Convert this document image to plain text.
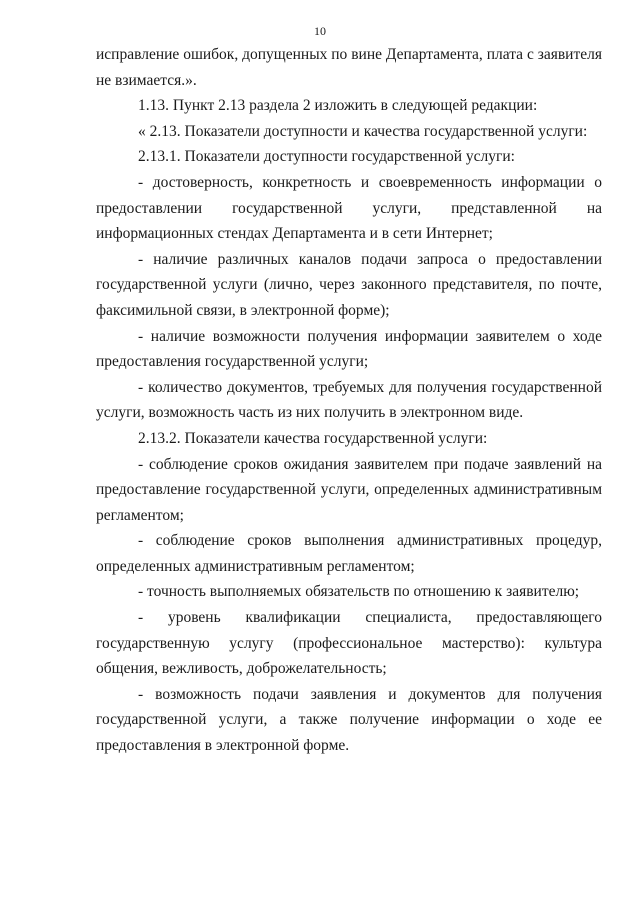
10

исправление ошибок, допущенных по вине Департамента, плата с заявителя не взимается.».

1.13. Пункт 2.13 раздела 2 изложить в следующей редакции:

« 2.13. Показатели доступности и качества государственной услуги:

2.13.1. Показатели доступности государственной услуги:

- достоверность, конкретность и своевременность информации о предоставлении государственной услуги, представленной на информационных стендах Департамента и в сети Интернет;

- наличие различных каналов подачи запроса о предоставлении государственной услуги (лично, через законного представителя, по почте, факсимильной связи, в электронной форме);

- наличие возможности получения информации заявителем о ходе предоставления государственной услуги;

- количество документов, требуемых для получения государственной услуги, возможность часть из них получить в электронном виде.

2.13.2. Показатели качества государственной услуги:

- соблюдение сроков ожидания заявителем при подаче заявлений на предоставление государственной услуги, определенных административным регламентом;

- соблюдение сроков выполнения административных процедур, определенных административным регламентом;

- точность выполняемых обязательств по отношению к заявителю;

- уровень квалификации специалиста, предоставляющего государственную услугу (профессиональное мастерство): культура общения, вежливость, доброжелательность;

- возможность подачи заявления и документов для получения государственной услуги, а также получение информации о ходе ее предоставления в электронной форме.
